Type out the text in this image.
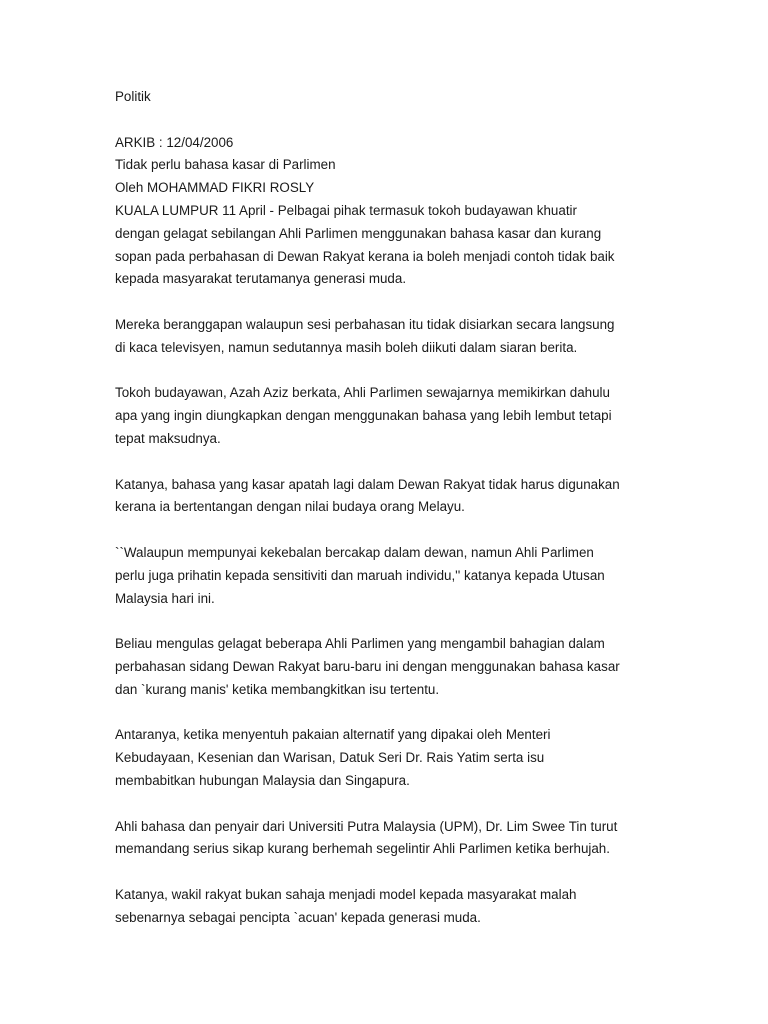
Politik
ARKIB : 12/04/2006
Tidak perlu bahasa kasar di Parlimen
Oleh MOHAMMAD FIKRI ROSLY
KUALA LUMPUR 11 April - Pelbagai pihak termasuk tokoh budayawan khuatir
dengan gelagat sebilangan Ahli Parlimen menggunakan bahasa kasar dan kurang
sopan pada perbahasan di Dewan Rakyat kerana ia boleh menjadi contoh tidak baik
kepada masyarakat terutamanya generasi muda.
Mereka beranggapan walaupun sesi perbahasan itu tidak disiarkan secara langsung
di kaca televisyen, namun sedutannya masih boleh diikuti dalam siaran berita.
Tokoh budayawan, Azah Aziz berkata, Ahli Parlimen sewajarnya memikirkan dahulu
apa yang ingin diungkapkan dengan menggunakan bahasa yang lebih lembut tetapi
tepat maksudnya.
Katanya, bahasa yang kasar apatah lagi dalam Dewan Rakyat tidak harus digunakan
kerana ia bertentangan dengan nilai budaya orang Melayu.
``Walaupun mempunyai kekebalan bercakap dalam dewan, namun Ahli Parlimen
perlu juga prihatin kepada sensitiviti dan maruah individu,'' katanya kepada Utusan
Malaysia hari ini.
Beliau mengulas gelagat beberapa Ahli Parlimen yang mengambil bahagian dalam
perbahasan sidang Dewan Rakyat baru-baru ini dengan menggunakan bahasa kasar
dan `kurang manis' ketika membangkitkan isu tertentu.
Antaranya, ketika menyentuh pakaian alternatif yang dipakai oleh Menteri
Kebudayaan, Kesenian dan Warisan, Datuk Seri Dr. Rais Yatim serta isu
membabitkan hubungan Malaysia dan Singapura.
Ahli bahasa dan penyair dari Universiti Putra Malaysia (UPM), Dr. Lim Swee Tin turut
memandang serius sikap kurang berhemah segelintir Ahli Parlimen ketika berhujah.
Katanya, wakil rakyat bukan sahaja menjadi model kepada masyarakat malah
sebenarnya sebagai pencipta `acuan' kepada generasi muda.
